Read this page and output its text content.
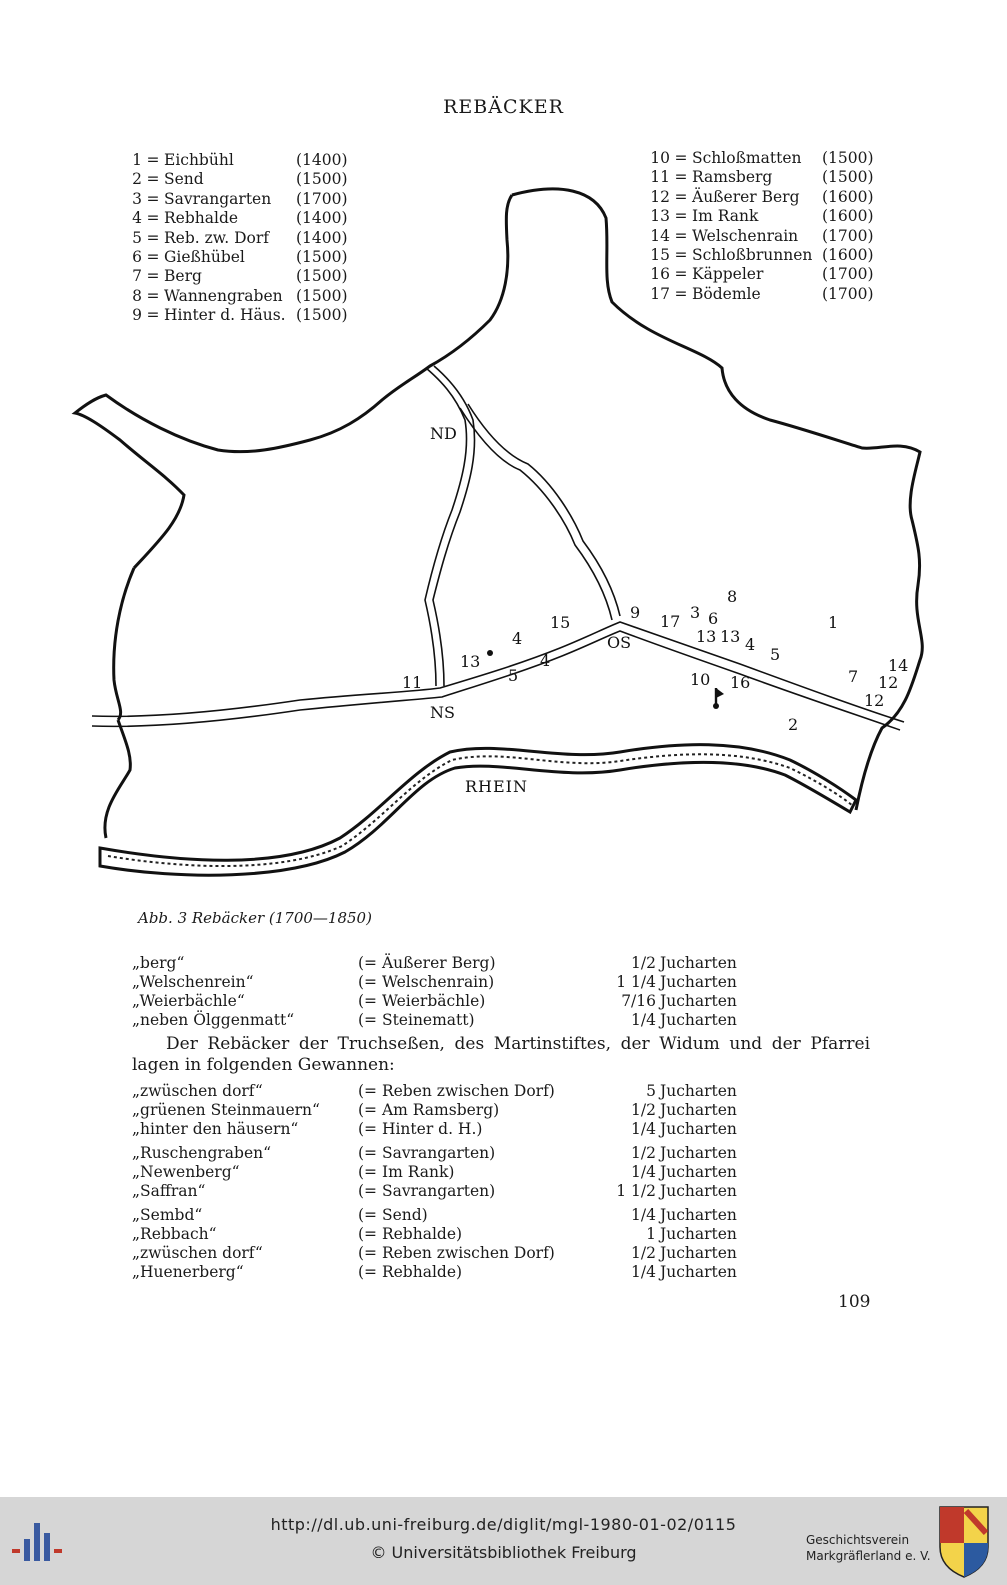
REBÄCKER
1 = Eichbühl	(1400)
2 = Send	(1500)
3 = Savrangarten	(1700)
4 = Rebhalde	(1400)
5 = Reb. zw. Dorf	(1400)
6 = Gießhübel	(1500)
7 = Berg	(1500)
8 = Wannengraben (1500)
9 = Hinter d. Häus. (1500)
10 = Schloßmatten	(1500)
11 = Ramsberg	(1500)
12 = Äußerer Berg	(1600)
13 = Im Rank	(1600)
14 = Welschenrain	(1700)
15 = Schloßbrunnen (1600)
16 = Käppeler	(1700)
17 = Bödemle	(1700)
ND
OS
NS
RHEIN
8
9 17 3 6	1
4
15
13 13 4
13	5
4
5	7
14
10 16	12
11
12
2
Abb. 3 Rebäcker (1700—1850)
„berg“	(= Äußerer Berg)	1/2 Jucharten
„Welschenrein“	(= Welschenrain)	1 1/4 Jucharten
„Weierbächle“	(= Weierbächle)	7/16 Jucharten
„neben Ölggenmatt“	(= Steinematt)	1/4 Jucharten
Der Rebäcker der Truchseßen, des Martinstiftes, der Widum und der Pfarrei lagen in folgenden Gewannen:
„zwüschen dorf“	(= Reben zwischen Dorf)	5 Jucharten
„grüenen Steinmauern“ (= Am Ramsberg)	1/2 Jucharten
„hinter den häusern“	(= Hinter d. H.)	1/4 Jucharten
„Ruschengraben“	(= Savrangarten)	1/2 Jucharten
„Newenberg“	(= Im Rank)	1/4 Jucharten
„Saffran“	(= Savrangarten)	1 1/2 Jucharten
„Sembd“	(= Send)	1/4 Jucharten
„Rebbach“	(= Rebhalde)	1 Jucharten
„zwüschen dorf“	(= Reben zwischen Dorf)	1/2 Jucharten
„Huenerberg“	(= Rebhalde)	1/4 Jucharten
109
http://dl.ub.uni-freiburg.de/diglit/mgl-1980-01-02/0115
© Universitätsbibliothek Freiburg
Geschichtsverein
Markgräflerland e. V.
